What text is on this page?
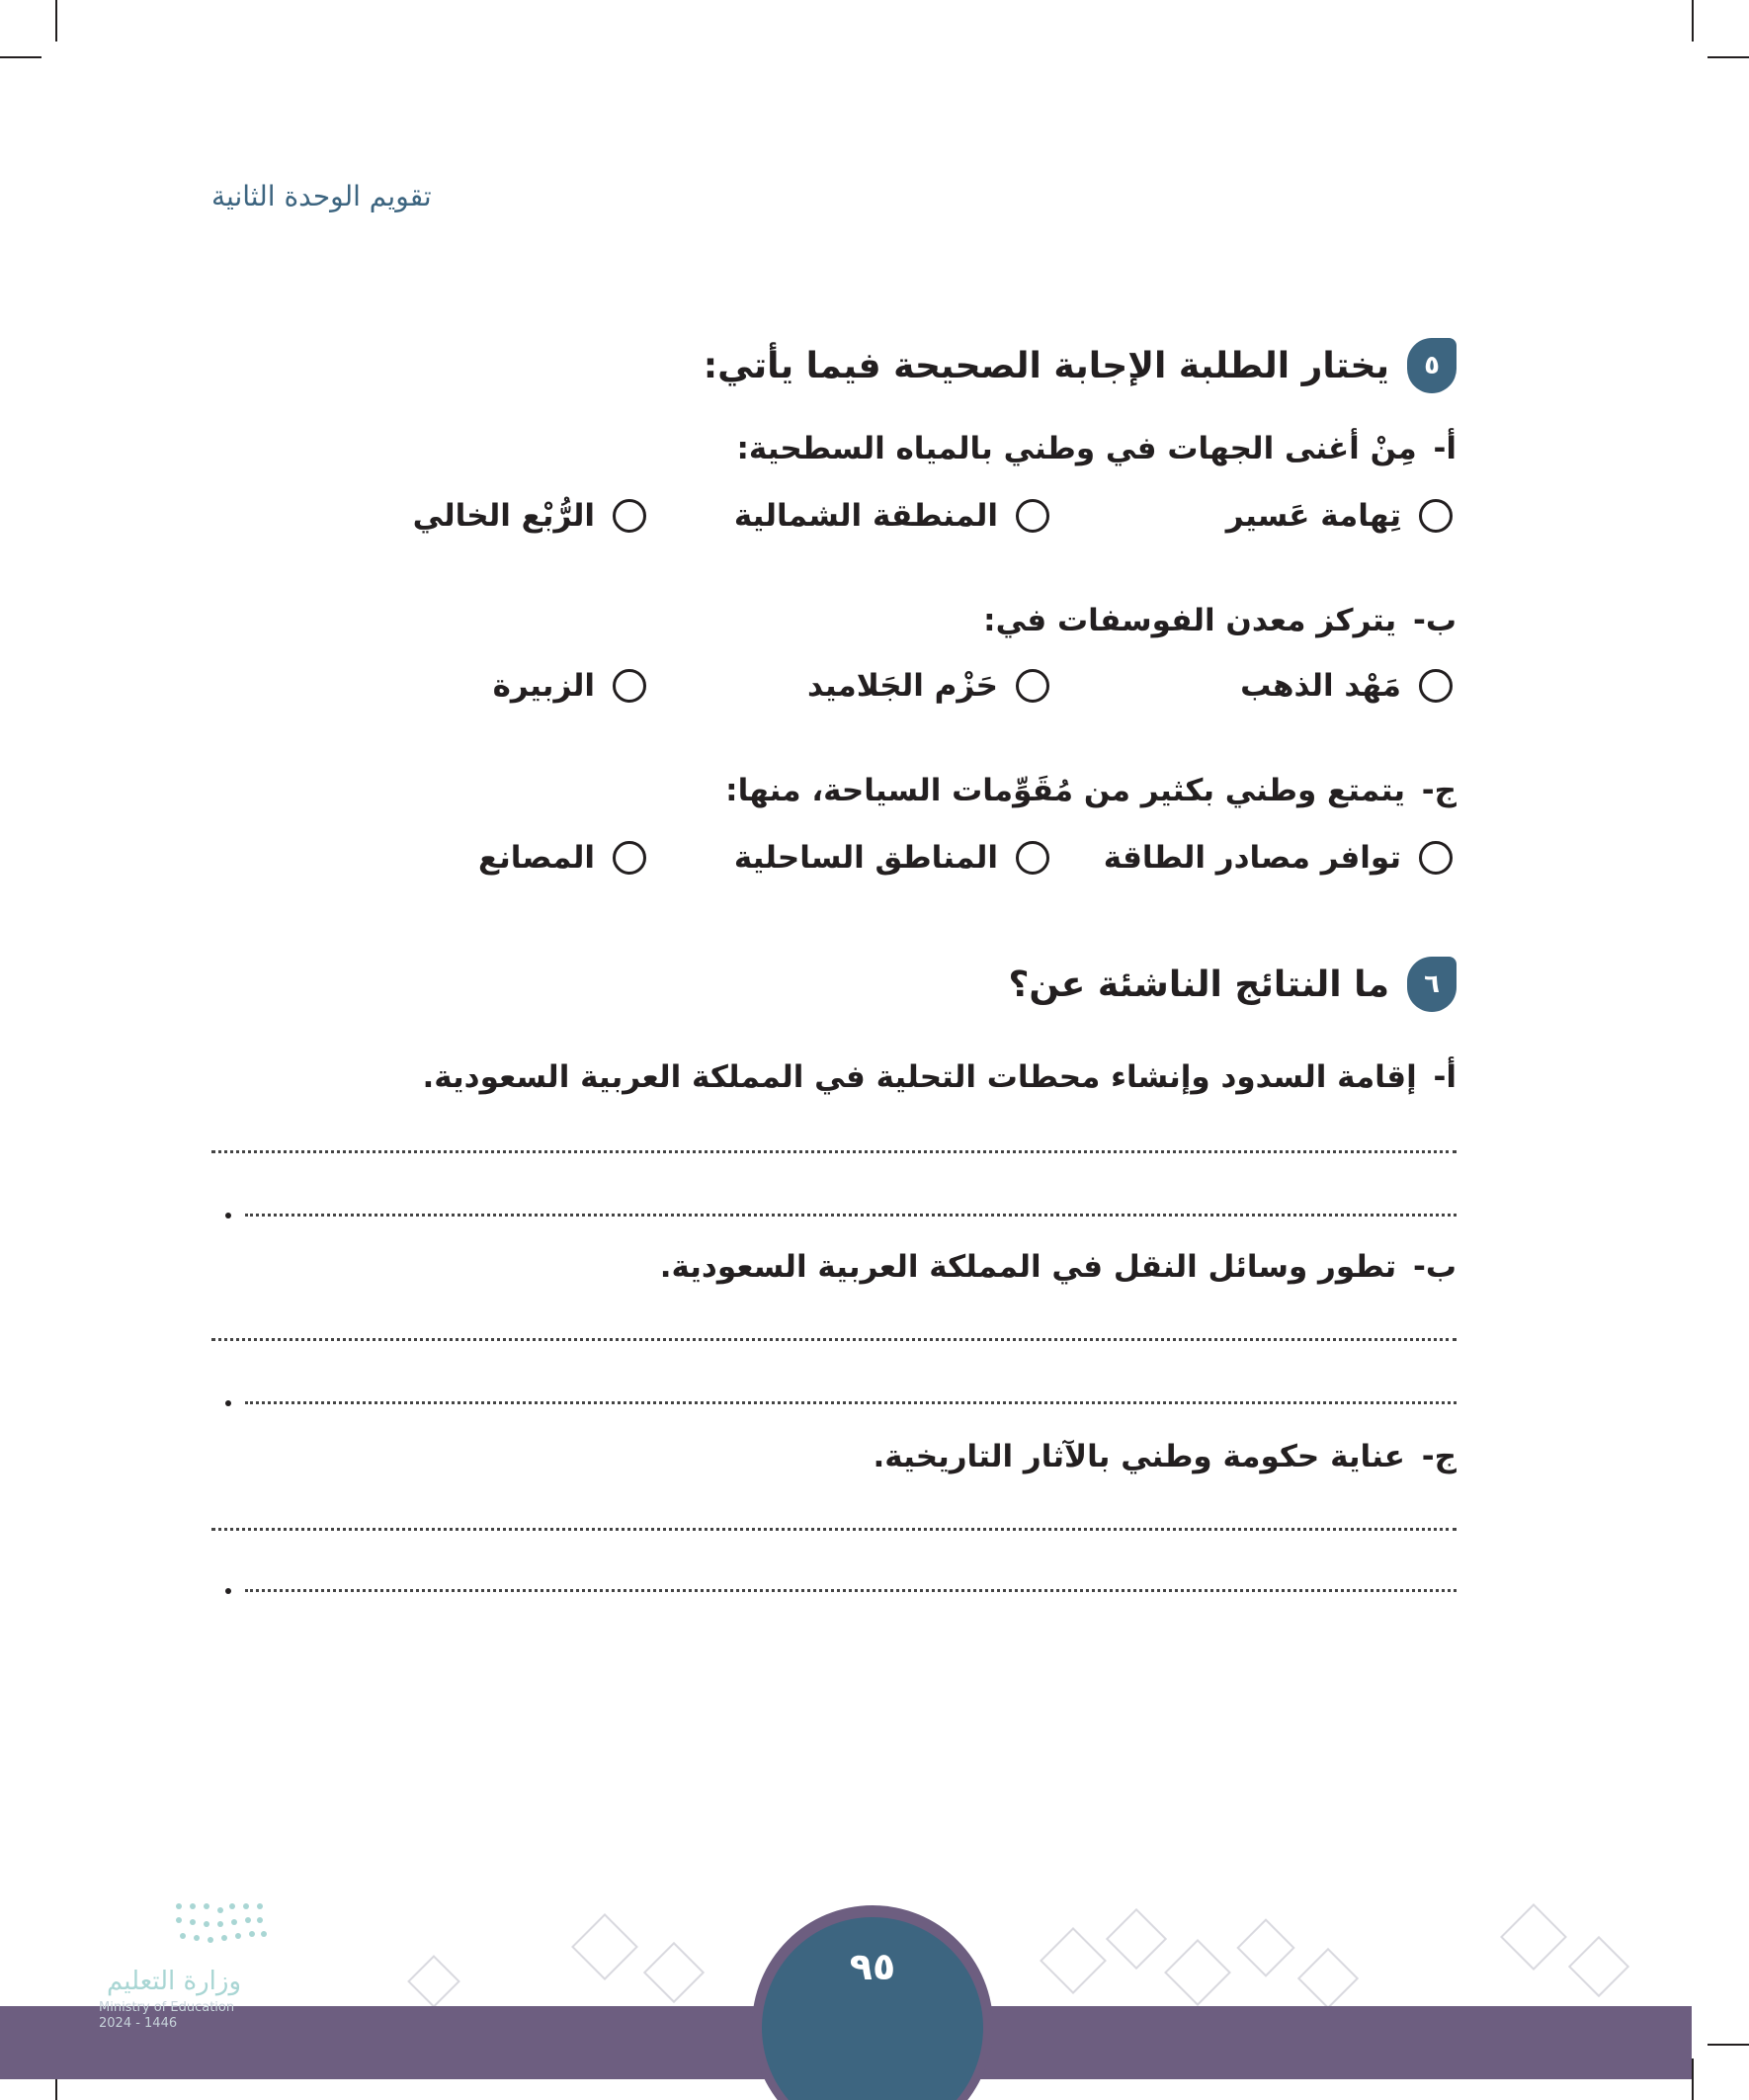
تقويم الوحدة الثانية
٥
يختار الطلبة الإجابة الصحيحة فيما يأتي:
أ- مِنْ أغنى الجهات في وطني بالمياه السطحية:
تِهامة عَسير
المنطقة الشمالية
الرُّبْع الخالي
ب- يتركز معدن الفوسفات في:
مَهْد الذهب
حَزْم الجَلاميد
الزبيرة
ج- يتمتع وطني بكثير من مُقَوِّمات السياحة، منها:
توافر مصادر الطاقة
المناطق الساحلية
المصانع
٦
ما النتائج الناشئة عن؟
أ- إقامة السدود وإنشاء محطات التحلية في المملكة العربية السعودية.
ب- تطور وسائل النقل في المملكة العربية السعودية.
ج- عناية حكومة وطني بالآثار التاريخية.
٩٥
وزارة التعليم
Ministry of Education
2024 - 1446
